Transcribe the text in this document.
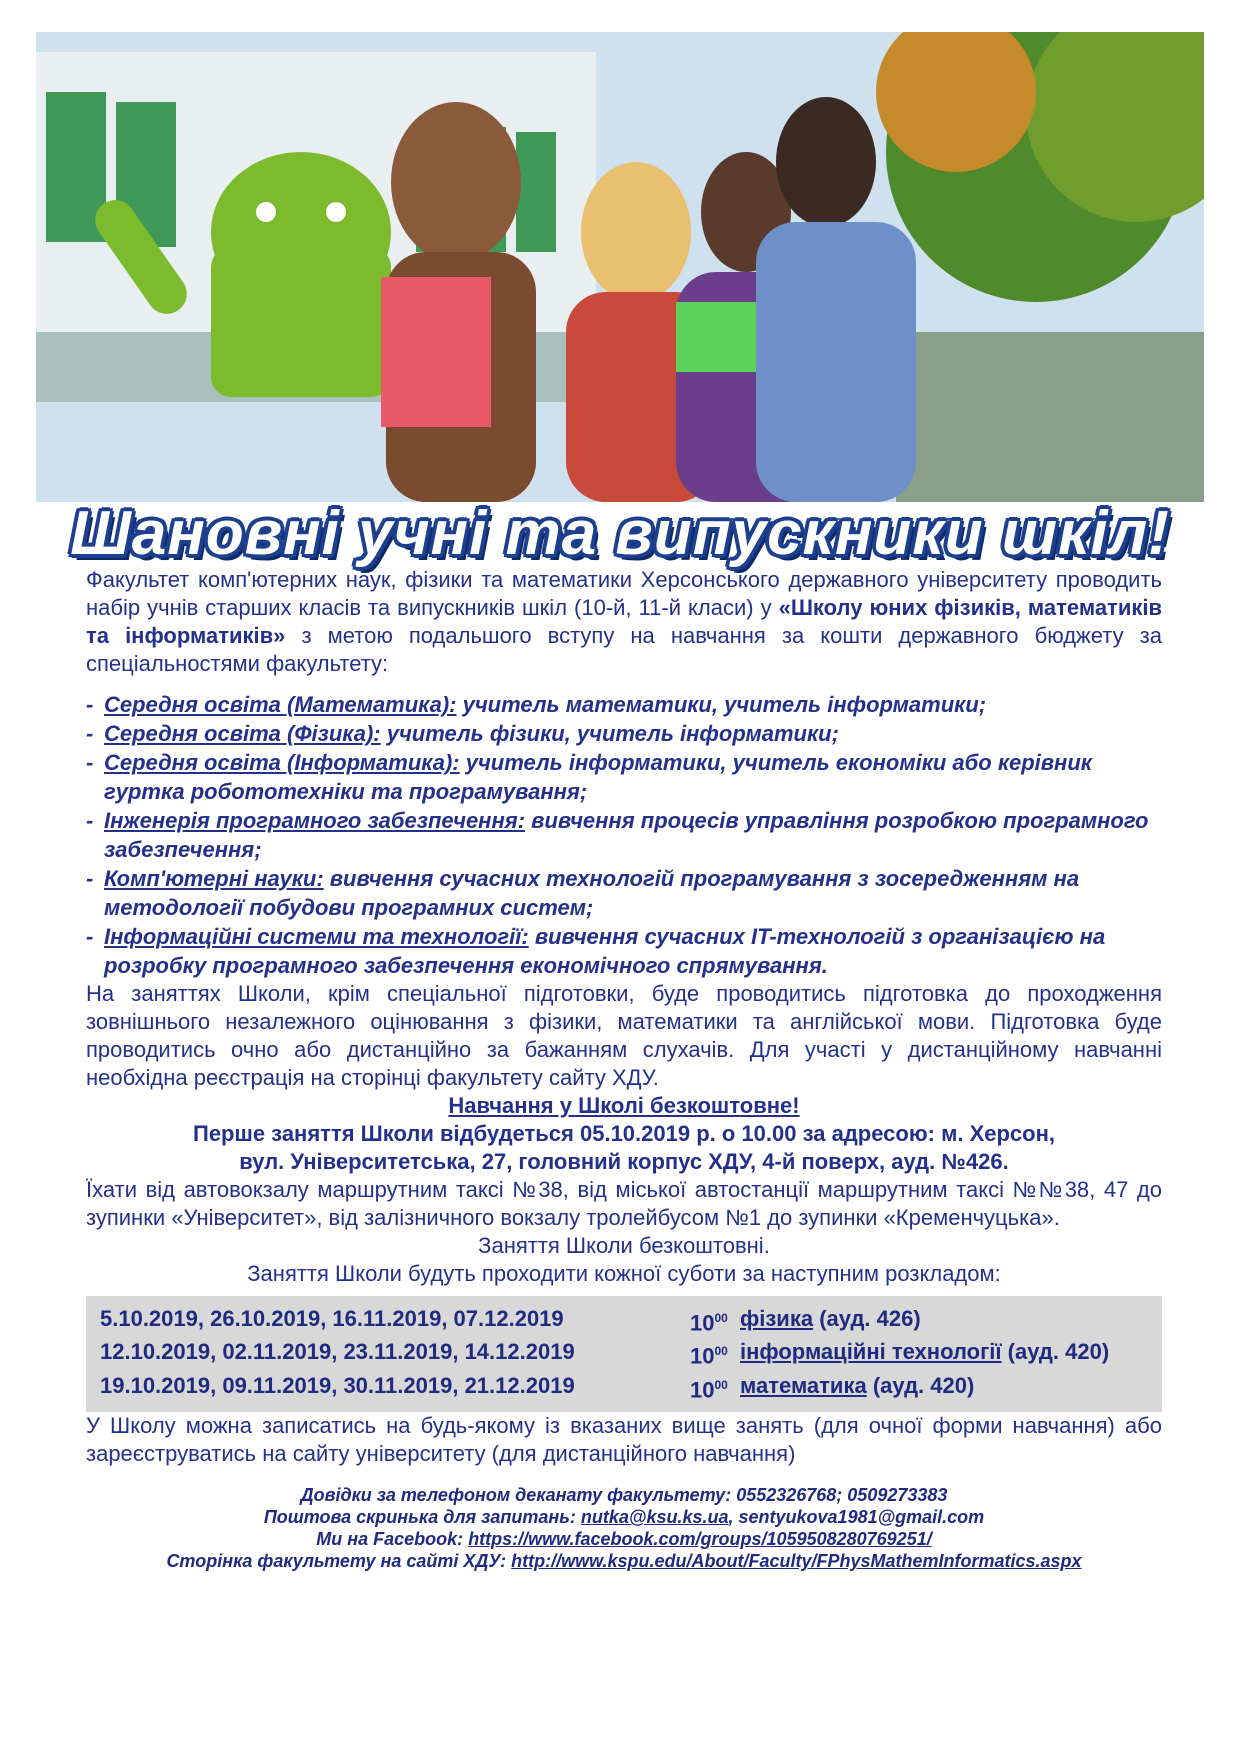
Шановні учні та випускники шкіл!

Факультет комп'ютерних наук, фізики та математики Херсонського державного університету проводить набір учнів старших класів та випускників шкіл (10-й, 11-й класи) у «Школу юних фізиків, математиків та інформатиків» з метою подальшого вступу на навчання за кошти державного бюджету за спеціальностями факультету:

- Середня освіта (Математика): учитель математики, учитель інформатики;
- Середня освіта (Фізика): учитель фізики, учитель інформатики;
- Середня освіта (Інформатика): учитель інформатики, учитель економіки або керівник гуртка робототехніки та програмування;
- Інженерія програмного забезпечення: вивчення процесів управління розробкою програмного забезпечення;
- Комп'ютерні науки: вивчення сучасних технологій програмування з зосередженням на методології побудови програмних систем;
- Інформаційні системи та технології: вивчення сучасних IT-технологій з організацією на розробку програмного забезпечення економічного спрямування.

На заняттях Школи, крім спеціальної підготовки, буде проводитись підготовка до проходження зовнішнього незалежного оцінювання з фізики, математики та англійської мови. Підготовка буде проводитись очно або дистанційно за бажанням слухачів. Для участі у дистанційному навчанні необхідна реєстрація на сторінці факультету сайту ХДУ.

Навчання у Школі безкоштовне!

Перше заняття Школи відбудеться 05.10.2019 р. о 10.00 за адресою: м. Херсон,

вул. Університетська, 27, головний корпус ХДУ, 4-й поверх, ауд. №426.

Їхати від автовокзалу маршрутним таксі №38, від міської автостанції маршрутним таксі №№38, 47 до зупинки «Університет», від залізничного вокзалу тролейбусом №1 до зупинки «Кременчуцька».

Заняття Школи безкоштовні.

Заняття Школи будуть проходити кожної суботи за наступним розкладом:

5.10.2019, 26.10.2019, 16.11.2019, 07.12.2019	$10^{00}$ фізика (ауд. 426)
12.10.2019, 02.11.2019, 23.11.2019, 14.12.2019	$10^{00}$ інформаційні технології (ауд. 420)
19.10.2019, 09.11.2019, 30.11.2019, 21.12.2019	$10^{00}$ математика (ауд. 420)

У Школу можна записатись на будь-якому із вказаних вище занять (для очної форми навчання) або зареєструватись на сайту університету (для дистанційного навчання)

Довідки за телефоном деканату факультету: 0552326768; 0509273383
Поштова скринька для запитань: nutka@ksu.ks.ua, sentyukova1981@gmail.com
Ми на Facebook: https://www.facebook.com/groups/105950828076925​1/
Сторінка факультету на сайті ХДУ: http://www.kspu.edu/About/Faculty/FPhysMathemInformatics.aspx
